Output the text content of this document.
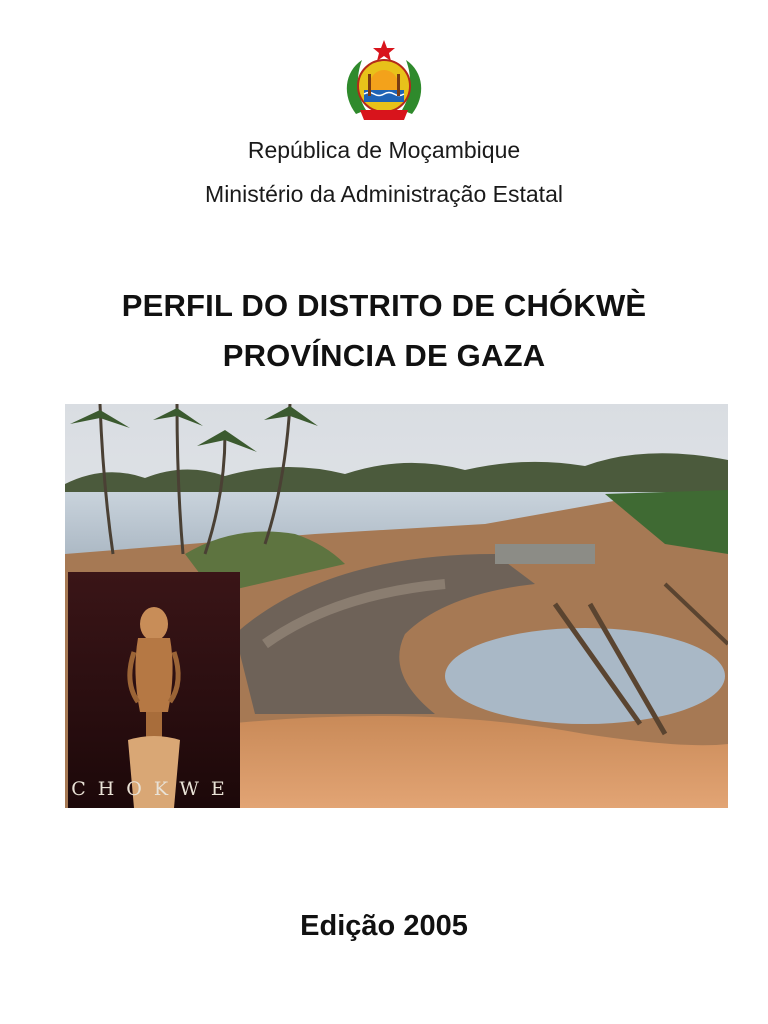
República de Moçambique
Ministério da Administração Estatal
PERFIL DO DISTRITO DE CHÓKWÈ
PROVÍNCIA DE GAZA
CHOKWE
Edição 2005
